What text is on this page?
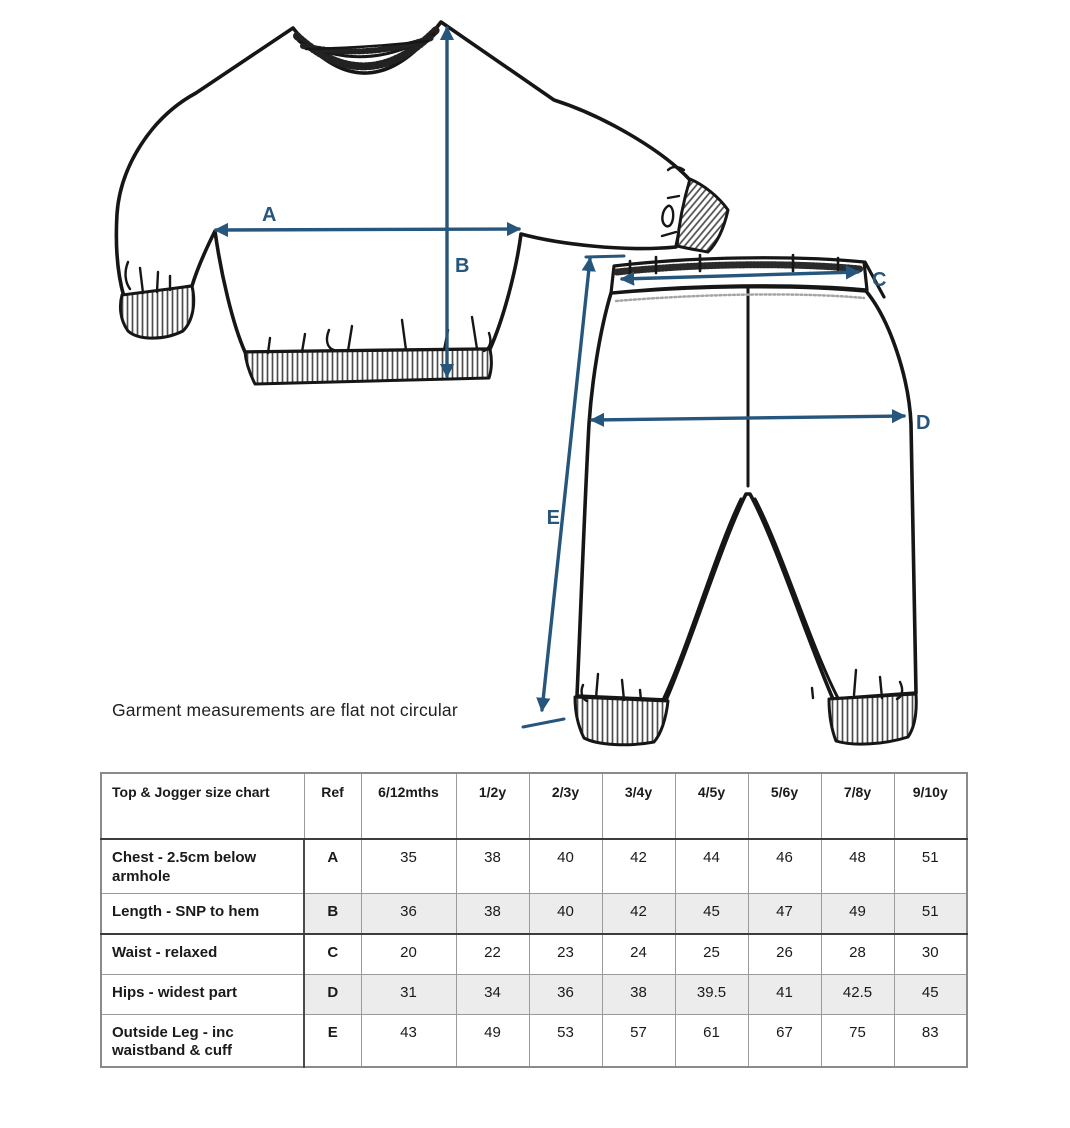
A
B
C
D
E
Garment measurements are flat not circular
Top & Jogger size chart	Ref	6/12mths	1/2y	2/3y	3/4y	4/5y	5/6y	7/8y	9/10y
Chest - 2.5cm below armhole	A	35	38	40	42	44	46	48	51
Length - SNP to hem	B	36	38	40	42	45	47	49	51
Waist - relaxed	C	20	22	23	24	25	26	28	30
Hips - widest part	D	31	34	36	38	39.5	41	42.5	45
Outside Leg - inc waistband & cuff	E	43	49	53	57	61	67	75	83
